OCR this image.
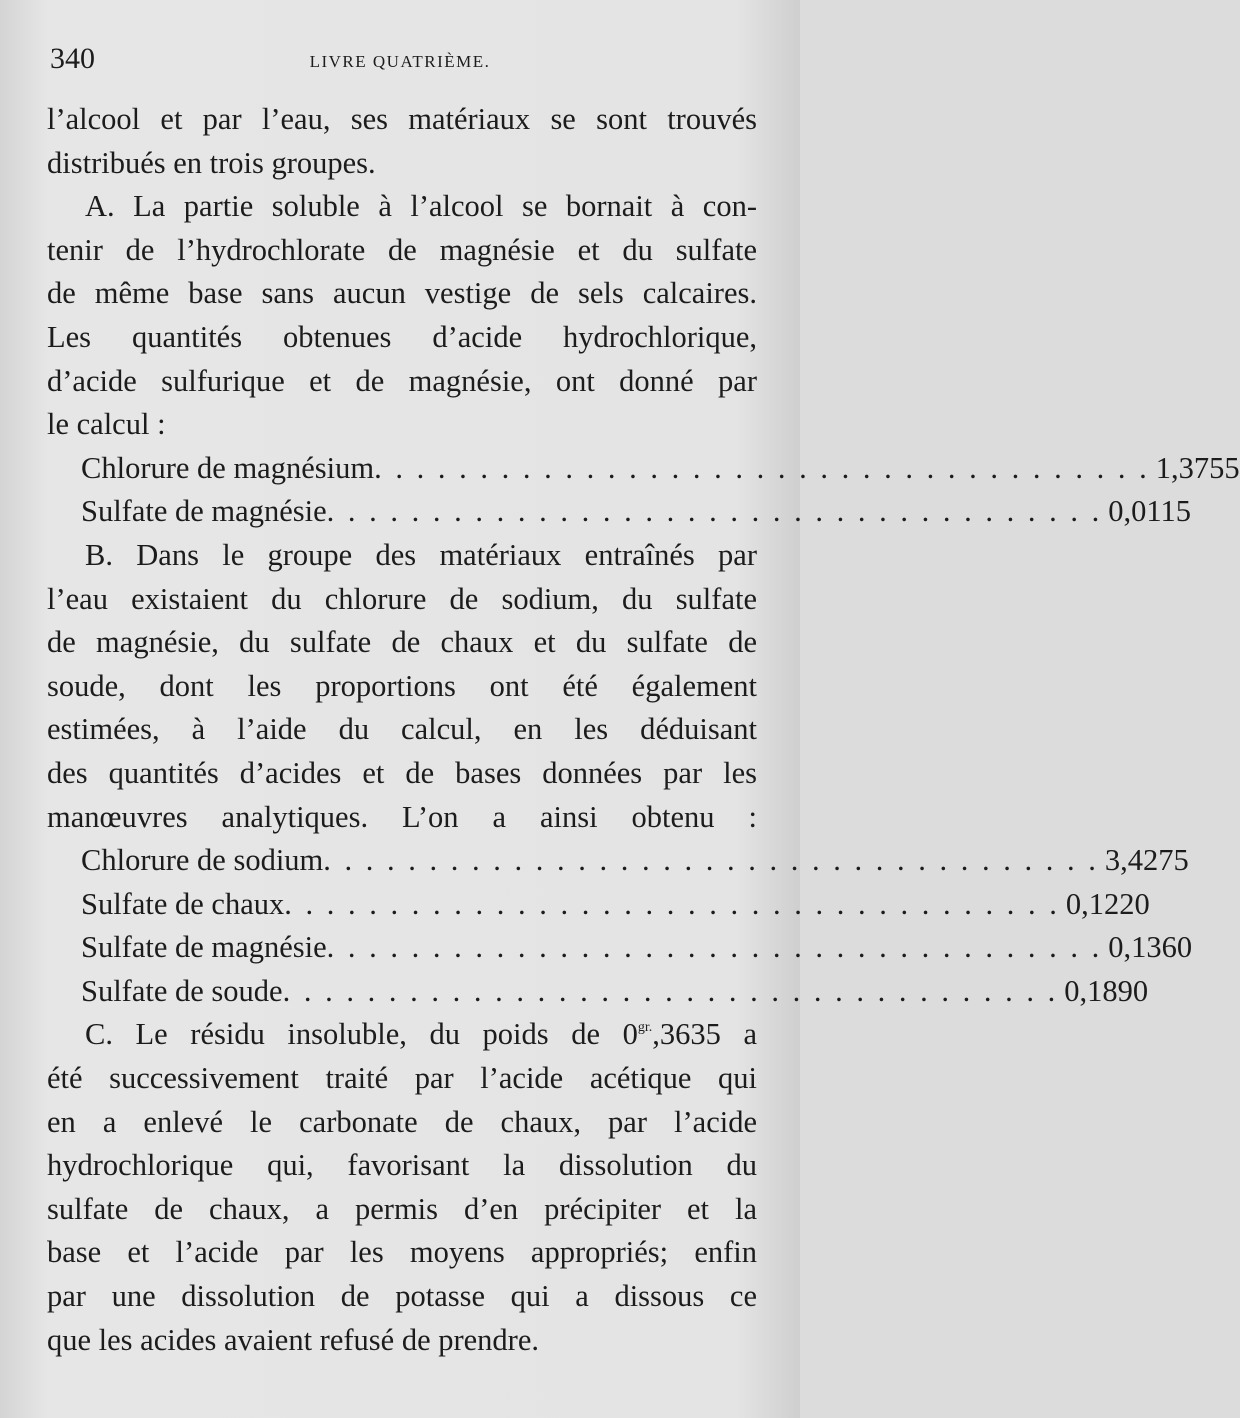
340	LIVRE QUATRIÈME.
l’alcool et par l’eau, ses matériaux se sont trouvés
distribués en trois groupes.
A. La partie soluble à l’alcool se bornait à con-
tenir de l’hydrochlorate de magnésie et du sulfate
de même base sans aucun vestige de sels calcaires.
Les quantités obtenues d’acide hydrochlorique,
d’acide sulfurique et de magnésie, ont donné par
le calcul :
Chlorure de magnésium . . . . . . . . . . . . . . . . . . . . . . . . . . . . . . . . . . . . . 1,3755
Sulfate de magnésie . . . . . . . . . . . . . . . . . . . . . . . . . . . . . . . . . . . . . 0,0115
B. Dans le groupe des matériaux entraînés par
l’eau existaient du chlorure de sodium, du sulfate
de magnésie, du sulfate de chaux et du sulfate de
soude, dont les proportions ont été également
estimées, à l’aide du calcul, en les déduisant
des quantités d’acides et de bases données par les
manœuvres analytiques. L’on a ainsi obtenu :
Chlorure de sodium . . . . . . . . . . . . . . . . . . . . . . . . . . . . . . . . . . . . . 3,4275
Sulfate de chaux . . . . . . . . . . . . . . . . . . . . . . . . . . . . . . . . . . . . . 0,1220
Sulfate de magnésie . . . . . . . . . . . . . . . . . . . . . . . . . . . . . . . . . . . . . 0,1360
Sulfate de soude . . . . . . . . . . . . . . . . . . . . . . . . . . . . . . . . . . . . . 0,1890
C. Le résidu insoluble, du poids de $0^{gr.},3635$ a
été successivement traité par l’acide acétique qui
en a enlevé le carbonate de chaux, par l’acide
hydrochlorique qui, favorisant la dissolution du
sulfate de chaux, a permis d’en précipiter et la
base et l’acide par les moyens appropriés; enfin
par une dissolution de potasse qui a dissous ce
que les acides avaient refusé de prendre.
